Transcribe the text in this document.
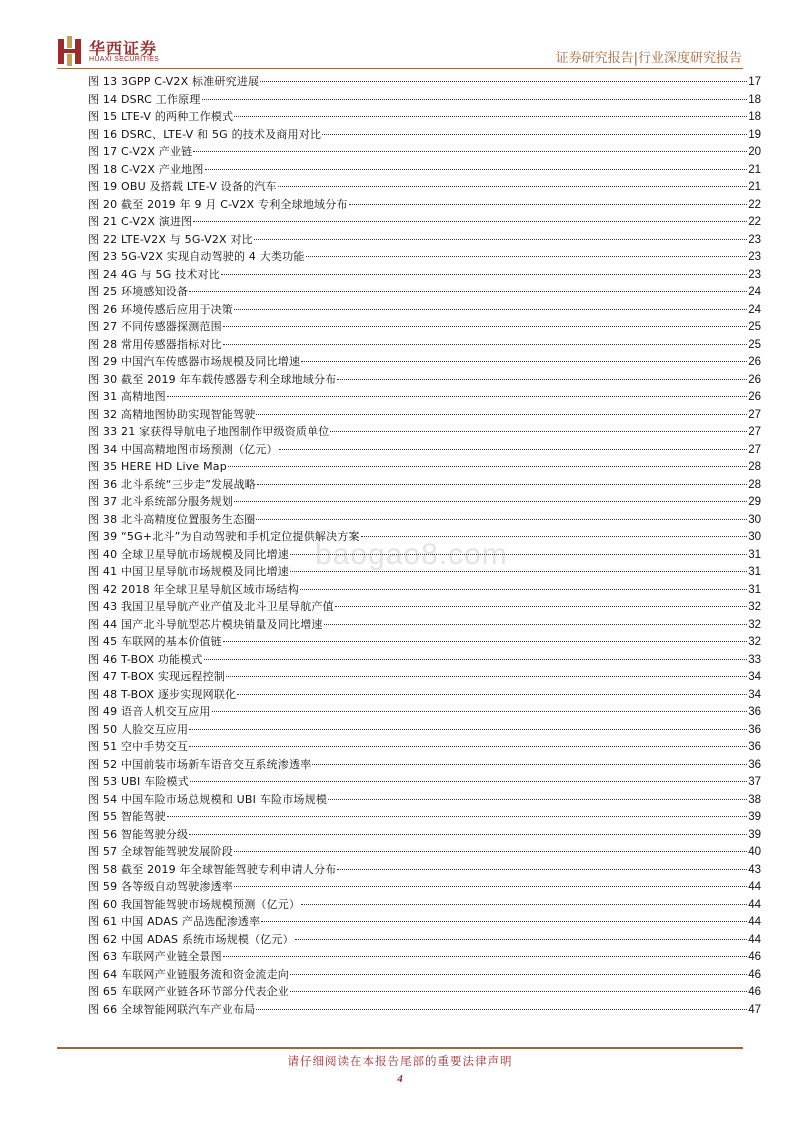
华西证券
HUAXI SECURITIES	证券研究报告|行业深度研究报告
baogao8.com
图 13 3GPP C-V2X 标准研究进展	17
图 14 DSRC 工作原理	18
图 15 LTE-V 的两种工作模式	18
图 16 DSRC、LTE-V 和 5G 的技术及商用对比	19
图 17 C-V2X 产业链	20
图 18 C-V2X 产业地图	21
图 19 OBU 及搭载 LTE-V 设备的汽车	21
图 20 截至 2019 年 9 月 C-V2X 专利全球地域分布	22
图 21 C-V2X 演进图	22
图 22 LTE-V2X 与 5G-V2X 对比	23
图 23 5G-V2X 实现自动驾驶的 4 大类功能	23
图 24 4G 与 5G 技术对比	23
图 25 环境感知设备	24
图 26 环境传感后应用于决策	24
图 27 不同传感器探测范围	25
图 28 常用传感器指标对比	25
图 29 中国汽车传感器市场规模及同比增速	26
图 30 截至 2019 年车载传感器专利全球地域分布	26
图 31 高精地图	26
图 32 高精地图协助实现智能驾驶	27
图 33 21 家获得导航电子地图制作甲级资质单位	27
图 34 中国高精地图市场预测（亿元）	27
图 35 HERE HD Live Map	28
图 36 北斗系统“三步走”发展战略	28
图 37 北斗系统部分服务规划	29
图 38 北斗高精度位置服务生态圈	30
图 39 “5G+北斗”为自动驾驶和手机定位提供解决方案	30
图 40 全球卫星导航市场规模及同比增速	31
图 41 中国卫星导航市场规模及同比增速	31
图 42 2018 年全球卫星导航区域市场结构	31
图 43 我国卫星导航产业产值及北斗卫星导航产值	32
图 44 国产北斗导航型芯片模块销量及同比增速	32
图 45 车联网的基本价值链	32
图 46 T-BOX 功能模式	33
图 47 T-BOX 实现远程控制	34
图 48 T-BOX 逐步实现网联化	34
图 49 语音人机交互应用	36
图 50 人脸交互应用	36
图 51 空中手势交互	36
图 52 中国前装市场新车语音交互系统渗透率	36
图 53 UBI 车险模式	37
图 54 中国车险市场总规模和 UBI 车险市场规模	38
图 55 智能驾驶	39
图 56 智能驾驶分级	39
图 57 全球智能驾驶发展阶段	40
图 58 截至 2019 年全球智能驾驶专利申请人分布	43
图 59 各等级自动驾驶渗透率	44
图 60 我国智能驾驶市场规模预测（亿元）	44
图 61 中国 ADAS 产品选配渗透率	44
图 62 中国 ADAS 系统市场规模（亿元）	44
图 63 车联网产业链全景图	46
图 64 车联网产业链服务流和资金流走向	46
图 65 车联网产业链各环节部分代表企业	46
图 66 全球智能网联汽车产业布局	47
请仔细阅读在本报告尾部的重要法律声明
4
